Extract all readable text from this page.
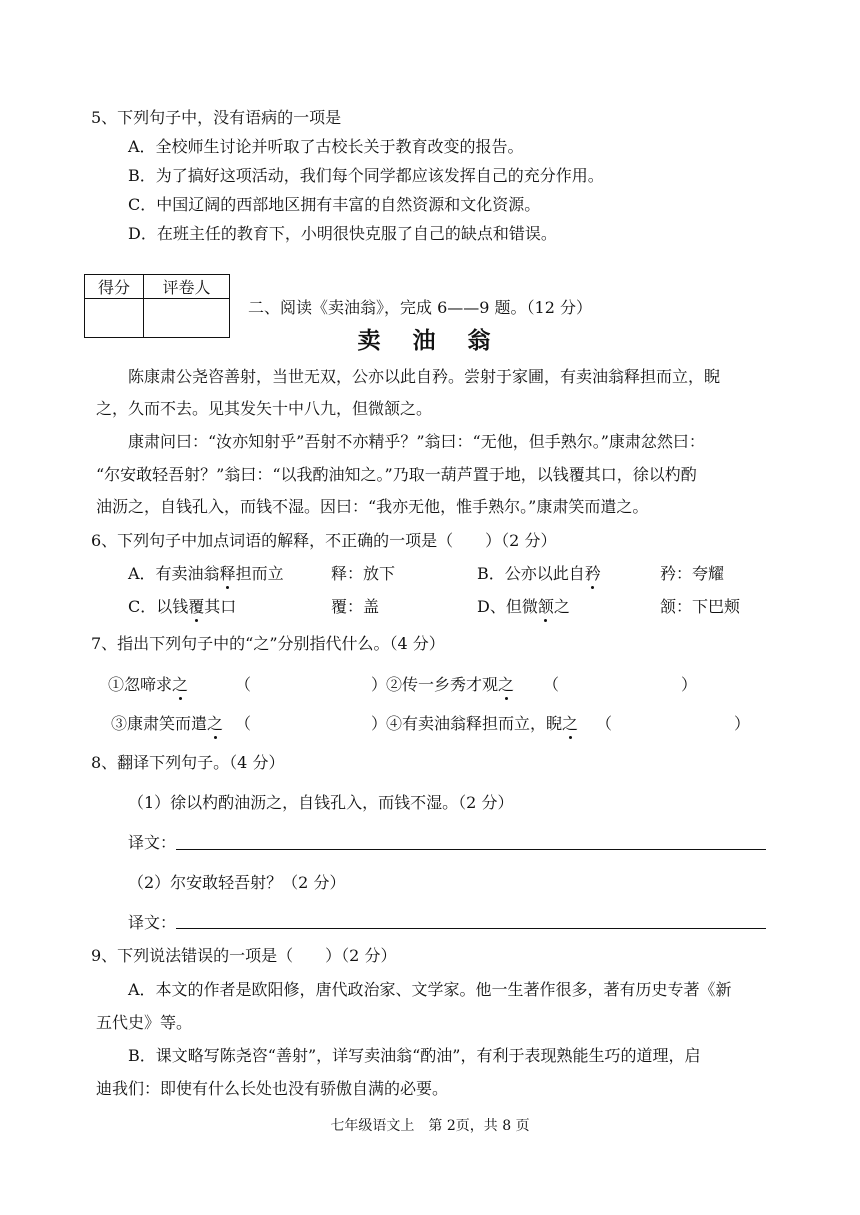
5、下列句子中，没有语病的一项是
A．全校师生讨论并听取了古校长关于教育改变的报告。
B．为了搞好这项活动，我们每个同学都应该发挥自己的充分作用。
C．中国辽阔的西部地区拥有丰富的自然资源和文化资源。
D．在班主任的教育下，小明很快克服了自己的缺点和错误。
得分	评卷人

二、阅读《卖油翁》，完成 6——9 题。（12 分）
卖 油 翁
陈康肃公尧咨善射，当世无双，公亦以此自矜。尝射于家圃，有卖油翁释担而立，睨
之，久而不去。见其发矢十中八九，但微颔之。
康肃问曰：“汝亦知射乎”吾射不亦精乎？”翁曰：“无他，但手熟尔。”康肃忿然曰：
“尔安敢轻吾射？”翁曰：“以我酌油知之。”乃取一葫芦置于地，以钱覆其口，徐以杓酌
油沥之，自钱孔入，而钱不湿。因曰：“我亦无他，惟手熟尔。”康肃笑而遣之。
6、下列句子中加点词语的解释，不正确的一项是（　　）（2 分）
A．有卖油翁释担而立	释：放下	B．公亦以此自矜	矜：夸耀
C．以钱覆其口	覆：盖	D、但微颔之	颔：下巴颊
7、指出下列句子中的“之”分别指代什么。（4 分）
①忽啼求之	（	）
②传一乡秀才观之 （	）
③康肃笑而遣之 （	）
④有卖油翁释担而立，睨之 （	）
8、翻译下列句子。（4 分）
（1）徐以杓酌油沥之，自钱孔入，而钱不湿。（2 分）
译文：
（2）尔安敢轻吾射？（2 分）
译文：
9、下列说法错误的一项是（　　）（2 分）
A．本文的作者是欧阳修，唐代政治家、文学家。他一生著作很多，著有历史专著《新
五代史》等。
B．课文略写陈尧咨“善射”，详写卖油翁“酌油”，有利于表现熟能生巧的道理，启
迪我们：即使有什么长处也没有骄傲自满的必要。
七年级语文上　第 2页，共 8 页
